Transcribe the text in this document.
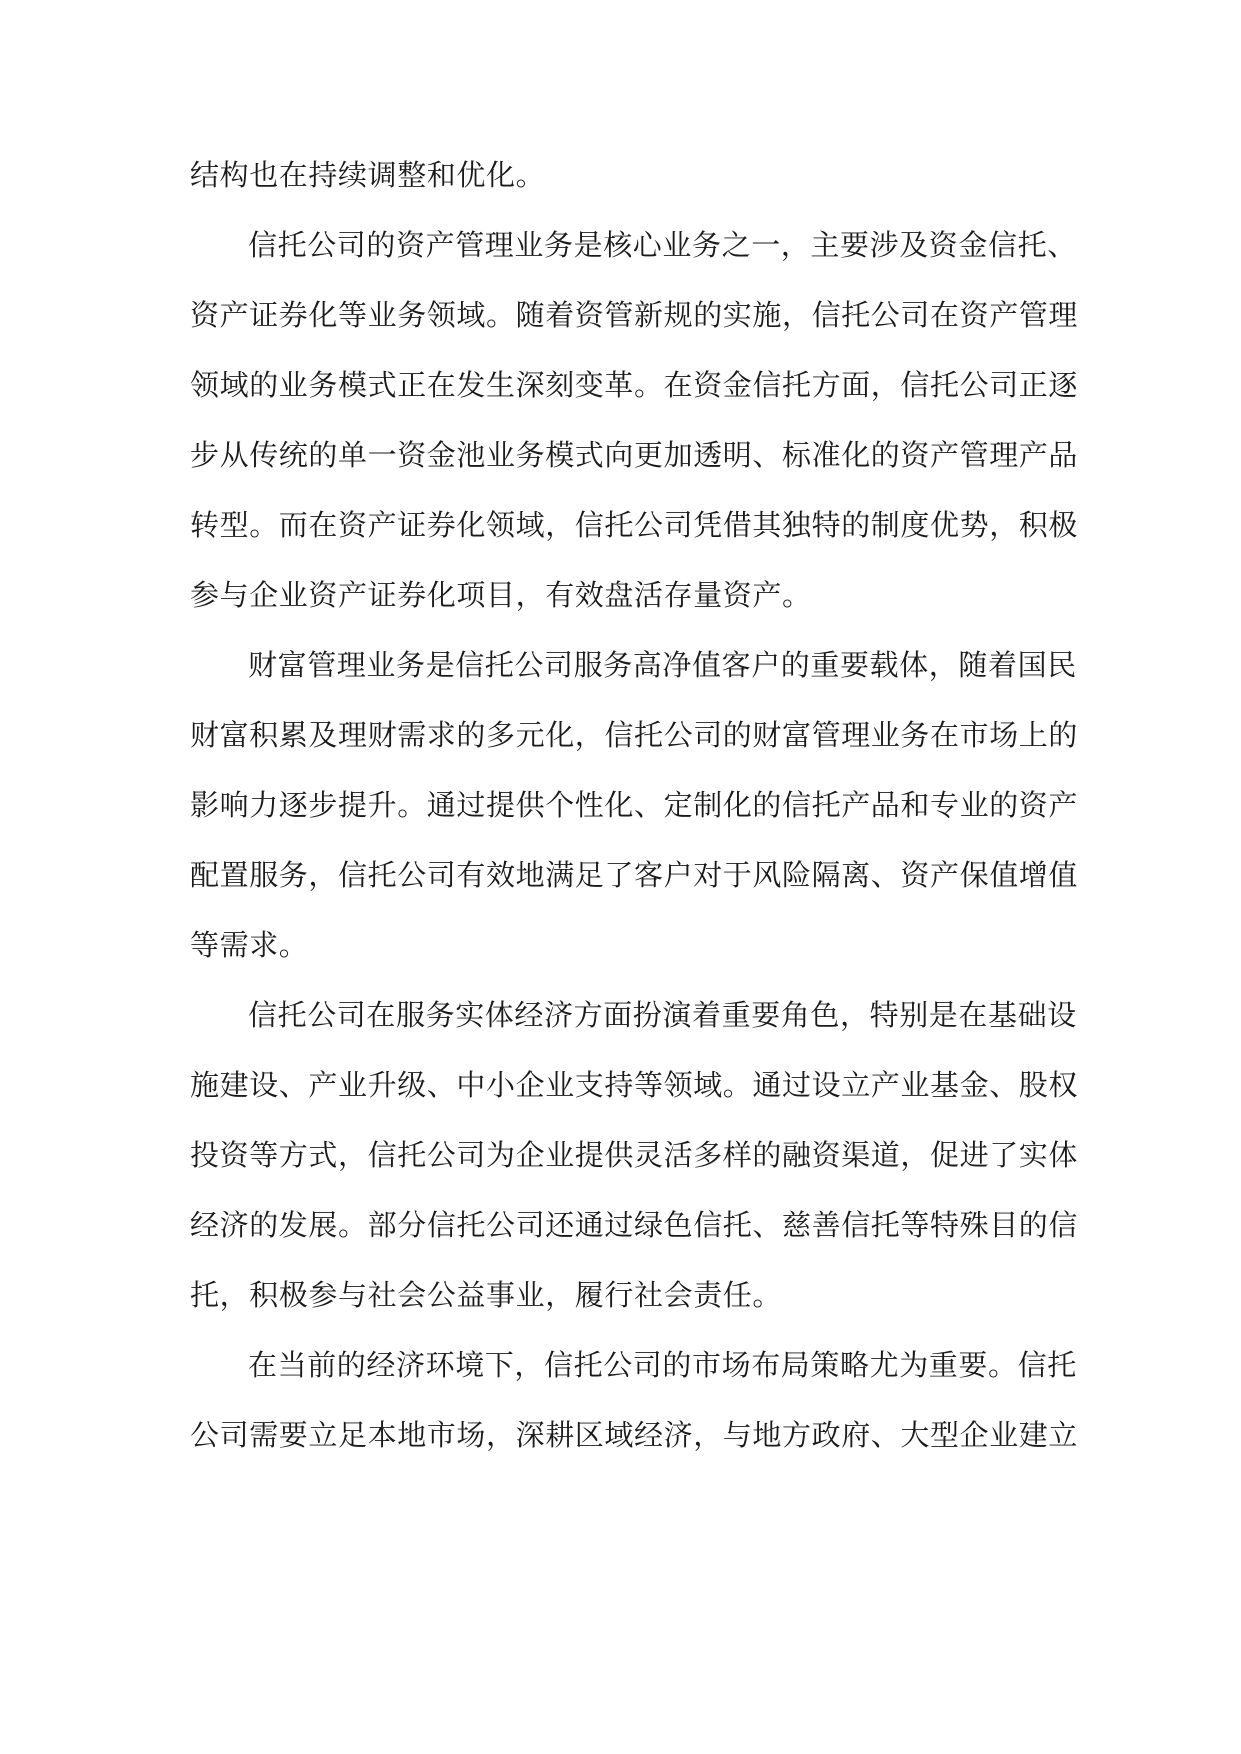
结构也在持续调整和优化。
信托公司的资产管理业务是核心业务之一，主要涉及资金信托、
资产证券化等业务领域。随着资管新规的实施，信托公司在资产管理
领域的业务模式正在发生深刻变革。在资金信托方面，信托公司正逐
步从传统的单一资金池业务模式向更加透明、标准化的资产管理产品
转型。而在资产证券化领域，信托公司凭借其独特的制度优势，积极
参与企业资产证券化项目，有效盘活存量资产。
财富管理业务是信托公司服务高净值客户的重要载体，随着国民
财富积累及理财需求的多元化，信托公司的财富管理业务在市场上的
影响力逐步提升。通过提供个性化、定制化的信托产品和专业的资产
配置服务，信托公司有效地满足了客户对于风险隔离、资产保值增值
等需求。
信托公司在服务实体经济方面扮演着重要角色，特别是在基础设
施建设、产业升级、中小企业支持等领域。通过设立产业基金、股权
投资等方式，信托公司为企业提供灵活多样的融资渠道，促进了实体
经济的发展。部分信托公司还通过绿色信托、慈善信托等特殊目的信
托，积极参与社会公益事业，履行社会责任。
在当前的经济环境下，信托公司的市场布局策略尤为重要。信托
公司需要立足本地市场，深耕区域经济，与地方政府、大型企业建立
